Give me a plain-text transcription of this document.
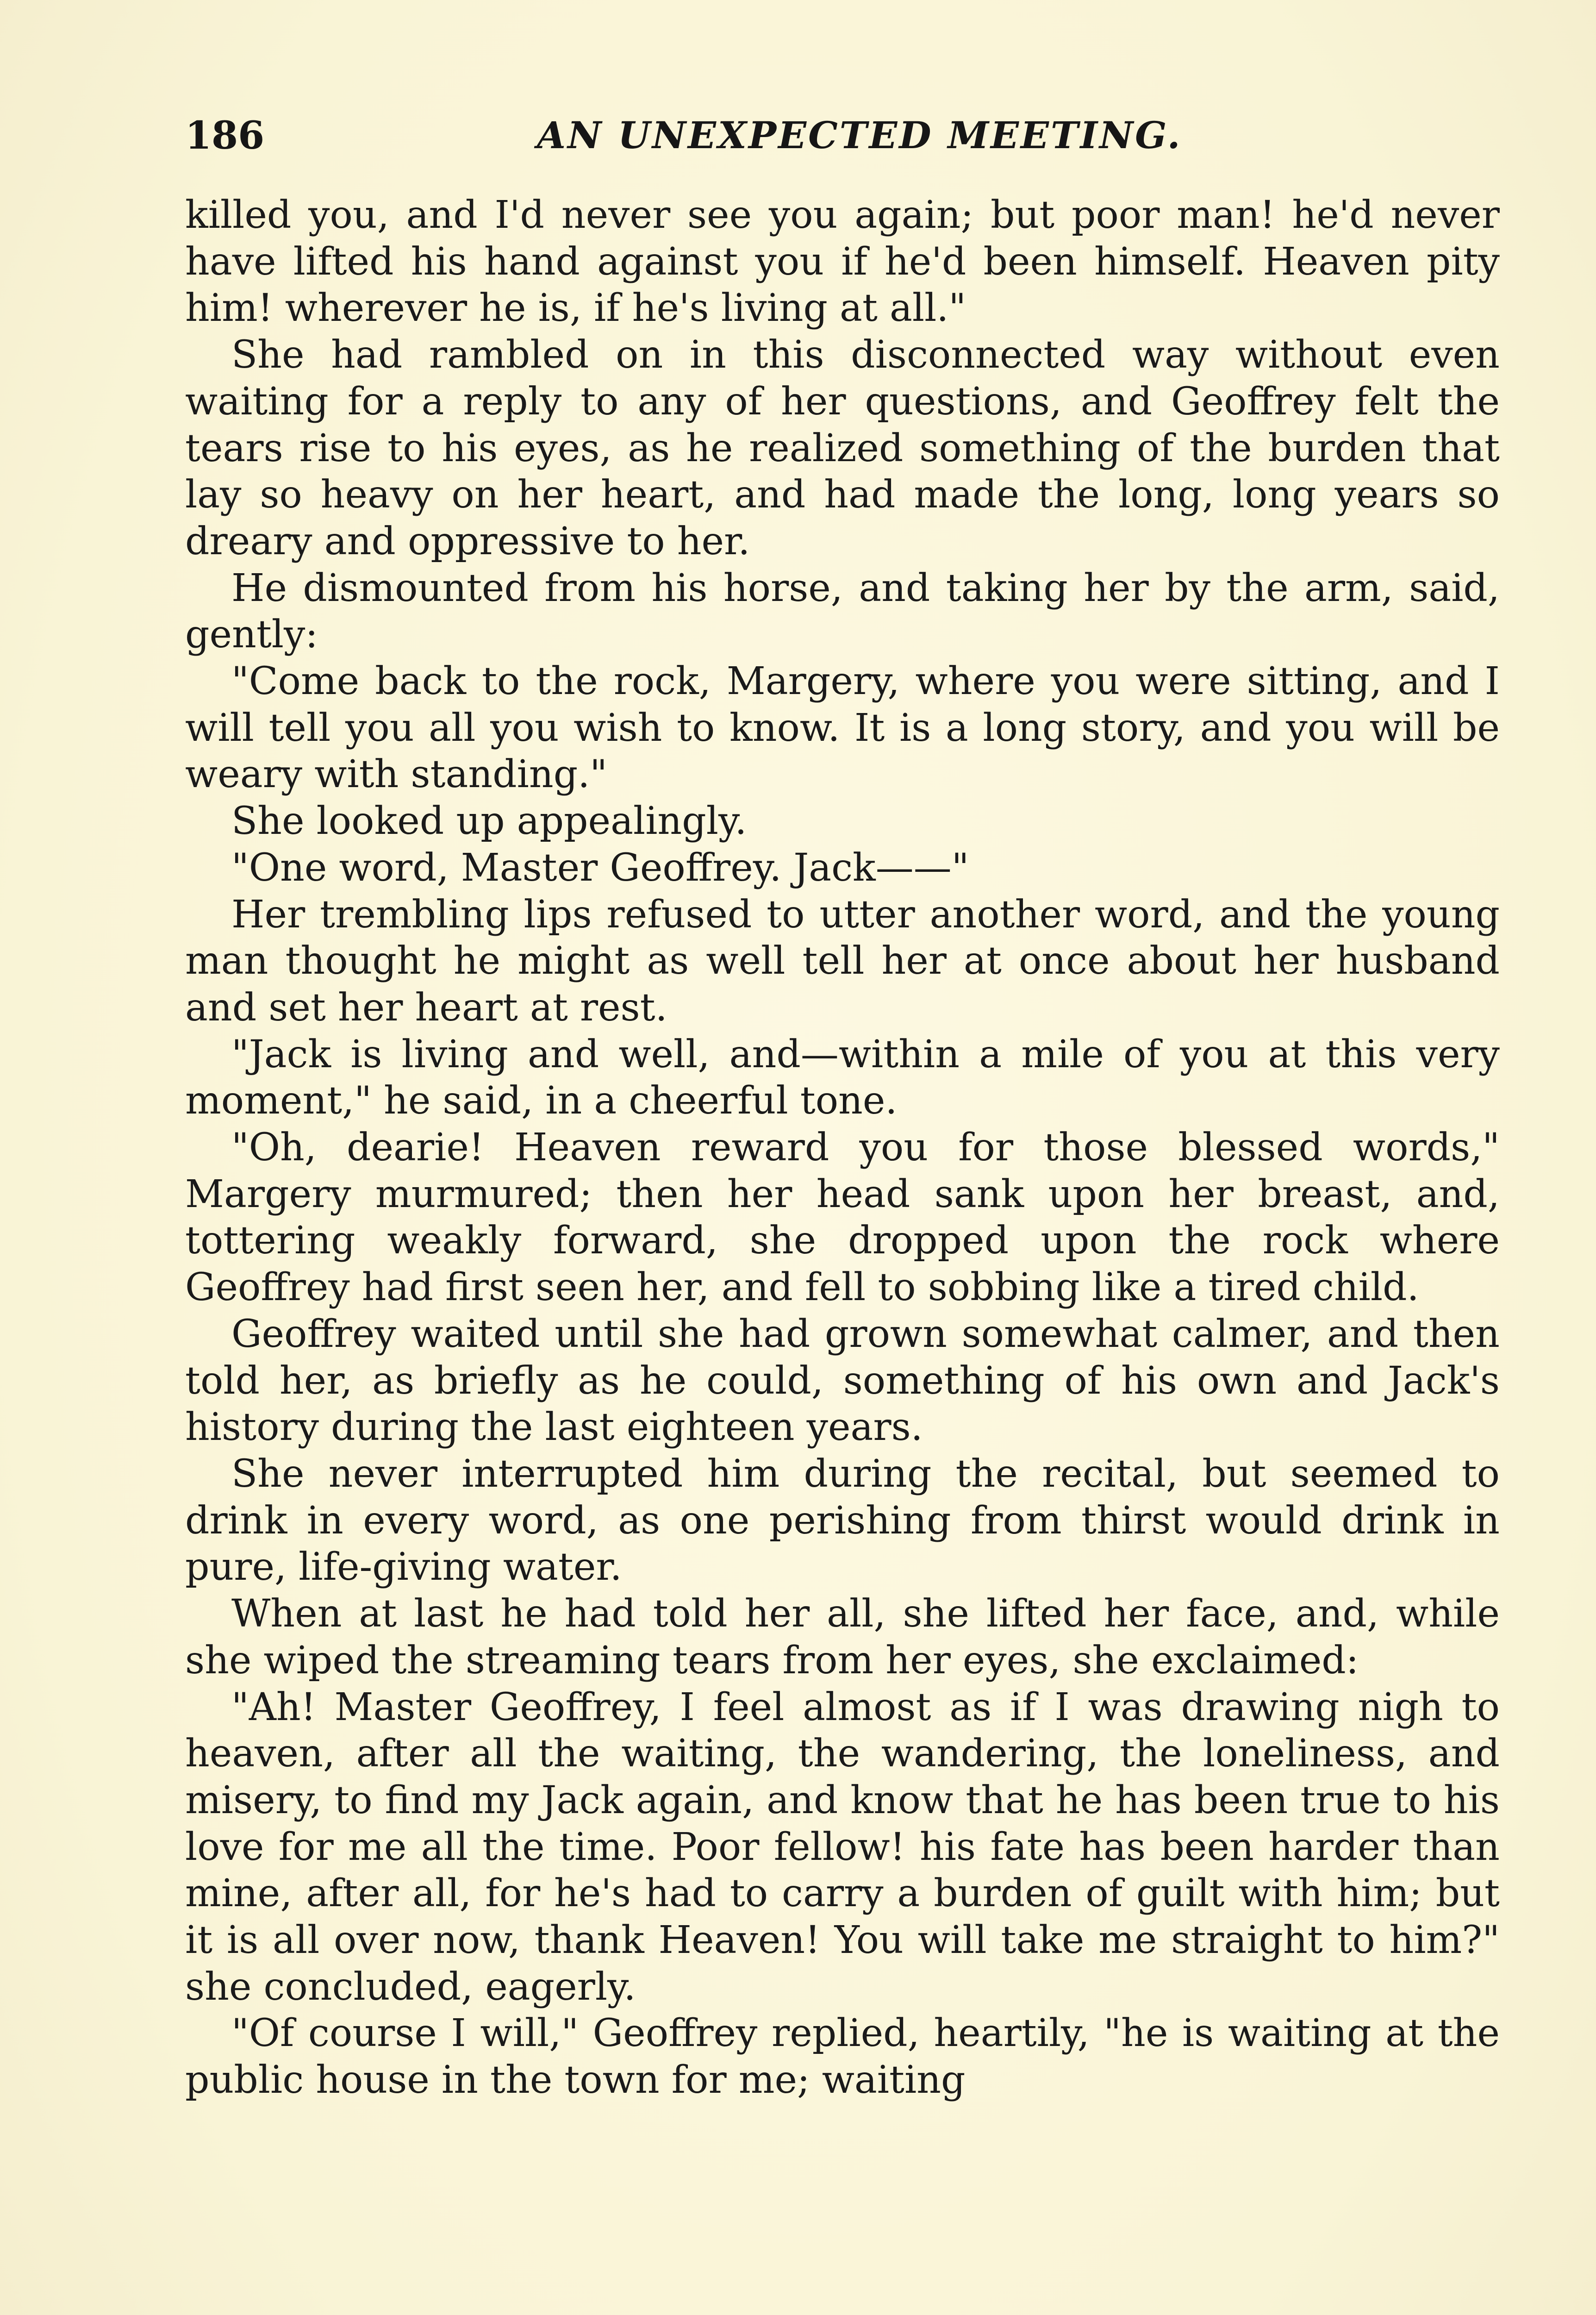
186	AN UNEXPECTED MEETING.

killed you, and I'd never see you again; but poor man! he'd never have lifted his hand against you if he'd been himself. Heaven pity him! wherever he is, if he's living at all."

She had rambled on in this disconnected way without even waiting for a reply to any of her questions, and Geoffrey felt the tears rise to his eyes, as he realized something of the burden that lay so heavy on her heart, and had made the long, long years so dreary and oppressive to her.

He dismounted from his horse, and taking her by the arm, said, gently:

"Come back to the rock, Margery, where you were sitting, and I will tell you all you wish to know. It is a long story, and you will be weary with standing."

She looked up appealingly.

"One word, Master Geoffrey. Jack——"

Her trembling lips refused to utter another word, and the young man thought he might as well tell her at once about her husband and set her heart at rest.

"Jack is living and well, and—within a mile of you at this very moment," he said, in a cheerful tone.

"Oh, dearie! Heaven reward you for those blessed words," Margery murmured; then her head sank upon her breast, and, tottering weakly forward, she dropped upon the rock where Geoffrey had first seen her, and fell to sobbing like a tired child.

Geoffrey waited until she had grown somewhat calmer, and then told her, as briefly as he could, something of his own and Jack's history during the last eighteen years.

She never interrupted him during the recital, but seemed to drink in every word, as one perishing from thirst would drink in pure, life-giving water.

When at last he had told her all, she lifted her face, and, while she wiped the streaming tears from her eyes, she exclaimed:

"Ah! Master Geoffrey, I feel almost as if I was drawing nigh to heaven, after all the waiting, the wandering, the loneliness, and misery, to find my Jack again, and know that he has been true to his love for me all the time. Poor fellow! his fate has been harder than mine, after all, for he's had to carry a burden of guilt with him; but it is all over now, thank Heaven! You will take me straight to him?" she concluded, eagerly.

"Of course I will," Geoffrey replied, heartily, "he is waiting at the public house in the town for me; waiting
